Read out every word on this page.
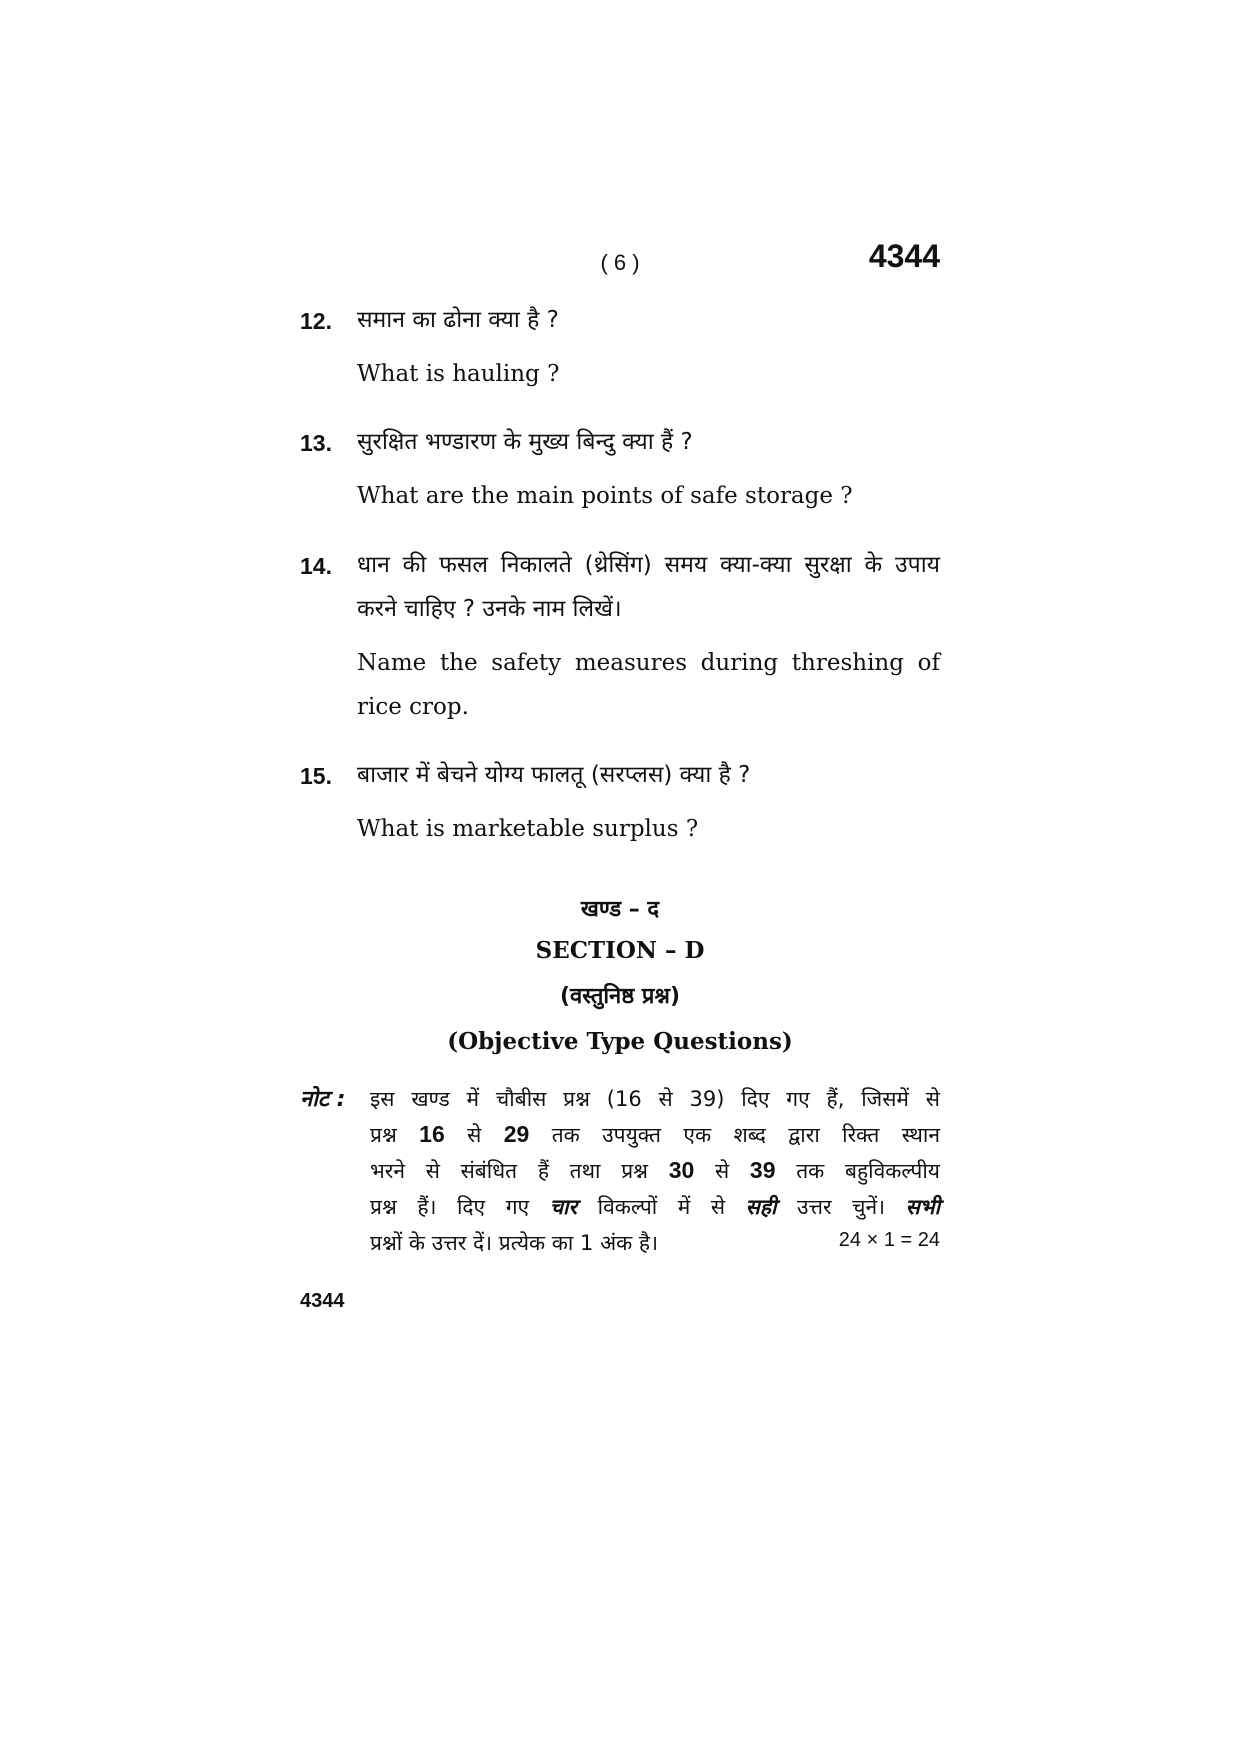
( 6 )	4344
12. समान का ढोना क्या है ?
What is hauling ?
13. सुरक्षित भण्डारण के मुख्य बिन्दु क्या हैं ?
What are the main points of safe storage ?
14. धान की फसल निकालते (थ्रेसिंग) समय क्या-क्या सुरक्षा के उपाय
करने चाहिए ? उनके नाम लिखें।
Name the safety measures during threshing of
rice crop.
15. बाजार में बेचने योग्य फालतू (सरप्लस) क्या है ?
What is marketable surplus ?
खण्ड – द
SECTION – D
(वस्तुनिष्ठ प्रश्न)
(Objective Type Questions)
नोट : इस खण्ड में चौबीस प्रश्न (16 से 39) दिए गए हैं, जिसमें से
प्रश्न 16 से 29 तक उपयुक्त एक शब्द द्वारा रिक्त स्थान
भरने से संबंधित हैं तथा प्रश्न 30 से 39 तक बहुविकल्पीय
प्रश्न हैं। दिए गए चार विकल्पों में से सही उत्तर चुनें। सभी
प्रश्नों के उत्तर दें। प्रत्येक का 1 अंक है।	24 × 1 = 24
4344
